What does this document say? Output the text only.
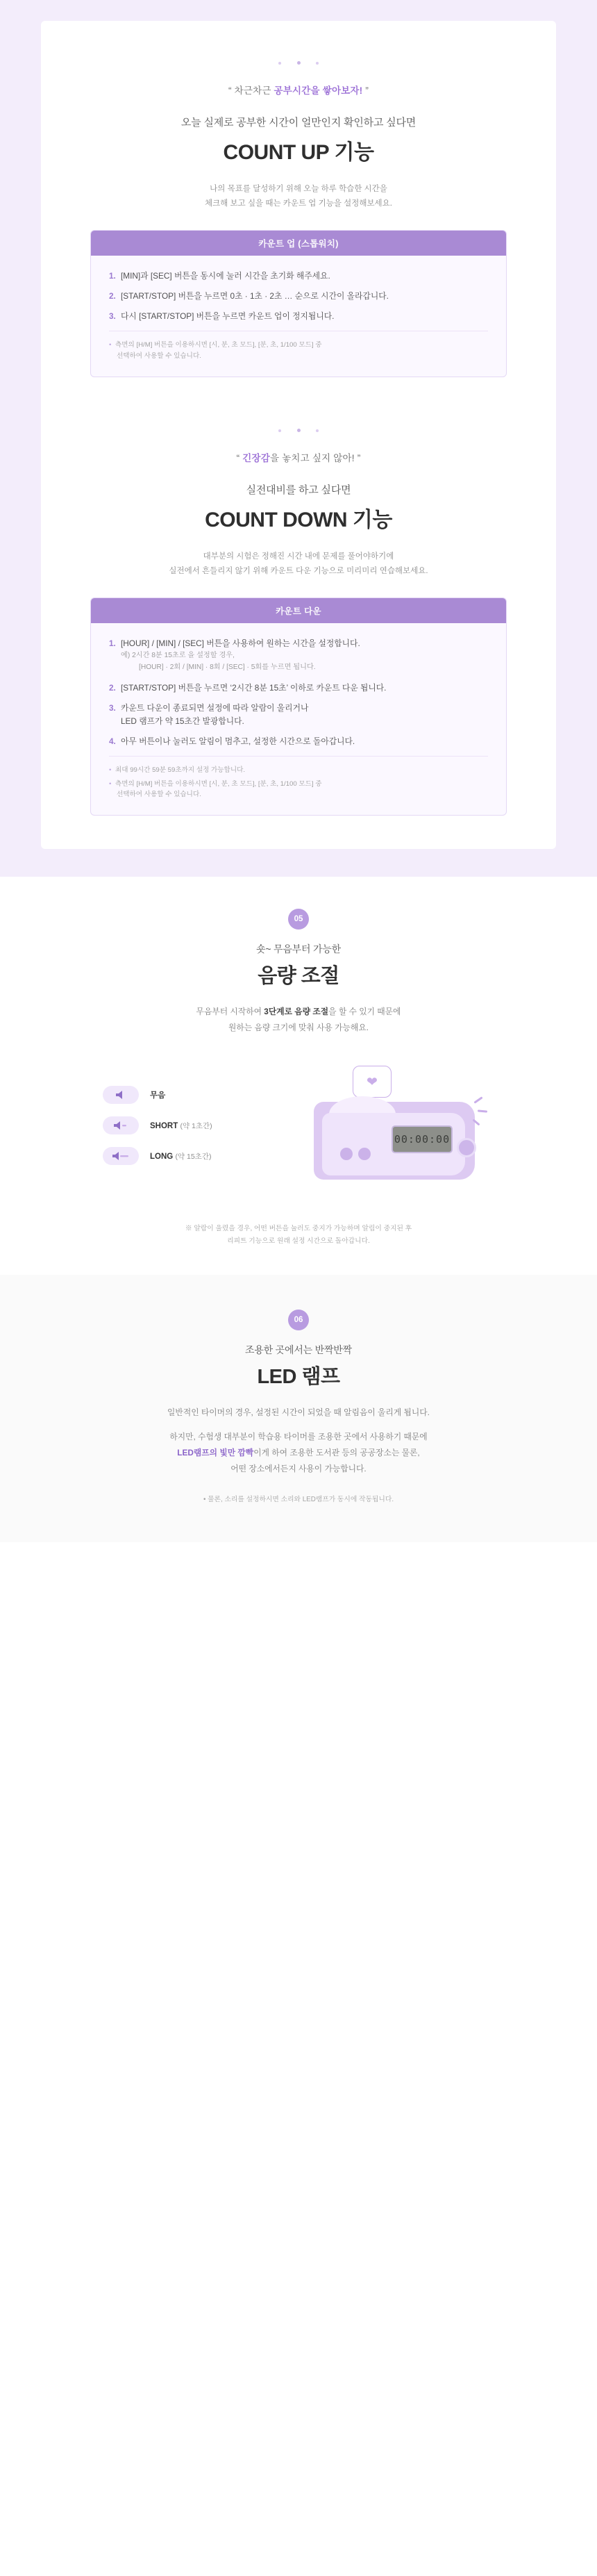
“ 차근차근 공부시간을 쌓아보자! ”
오늘 실제로 공부한 시간이 얼만인지 확인하고 싶다면
COUNT UP 기능
나의 목표를 달성하기 위해 오늘 하루 학습한 시간을
체크해 보고 싶을 때는 카운트 업 기능을 설정해보세요.
카운트 업 (스톱워치)
1. [MIN]과 [SEC] 버튼을 동시에 눌러 시간을 초기화 해주세요.
2. [START/STOP] 버튼을 누르면 0초 · 1초 · 2초 … 순으로 시간이 올라갑니다.
3. 다시 [START/STOP] 버튼을 누르면 카운트 업이 정지됩니다.

• 측면의 [H/M] 버튼을 이용하시면 [시, 분, 초 모드], [분, 초, 1/100 모드] 중
선택하여 사용할 수 있습니다.

“ 긴장감을 놓치고 싶지 않아! ”
실전대비를 하고 싶다면
COUNT DOWN 기능
대부분의 시험은 정해진 시간 내에 문제를 풀어야하기에
실전에서 흔들리지 않기 위해 카운트 다운 기능으로 미리미리 연습해보세요.
카운트 다운
1. [HOUR] / [MIN] / [SEC] 버튼을 사용하여 원하는 시간을 설정합니다.
예) 2시간 8분 15초로 을 설정할 경우,
[HOUR] · 2회 / [MIN] · 8회 / [SEC] · 5회를 누르면 됩니다.
2. [START/STOP] 버튼을 누르면 ‘2시간 8분 15초’ 이하로 카운트 다운 됩니다.
3. 카운트 다운이 종료되면 설정에 따라 알람이 울리거나
LED 램프가 약 15초간 발광합니다.
4. 아무 버튼이나 눌러도 알림이 멈추고, 설정한 시간으로 돌아갑니다.

• 최대 99시간 59분 59초까지 설정 가능합니다.

• 측면의 [H/M] 버튼을 이용하시면 [시, 분, 초 모드], [분, 초, 1/100 모드] 중
선택하여 사용할 수 있습니다.

05
숏~ 무음부터 가능한
음량 조절
무음부터 시작하여 3단계로 음량 조절을 할 수 있기 때문에
원하는 음량 크기에 맞춰 사용 가능해요.
무음
SHORT (약 1초간)
LONG (약 15초간)
❤
00:00:00
※ 알람이 울렸을 경우, 어떤 버튼을 눌러도 중지가 가능하며 알림이 중지된 후
리피트 기능으로 원래 설정 시간으로 돌아갑니다.
06
조용한 곳에서는 반짝반짝
LED 램프
일반적인 타이머의 경우, 설정된 시간이 되었을 때 알림음이 울리게 됩니다.
하지만, 수험생 대부분이 학습용 타이머를 조용한 곳에서 사용하기 때문에
LED램프의 빛만 깜빡이게 하여 조용한 도서관 등의 공공장소는 물론,
어떤 장소에서든지 사용이 가능합니다.
• 물론, 소리를 설정하시면 소리와 LED램프가 동시에 작동됩니다.
